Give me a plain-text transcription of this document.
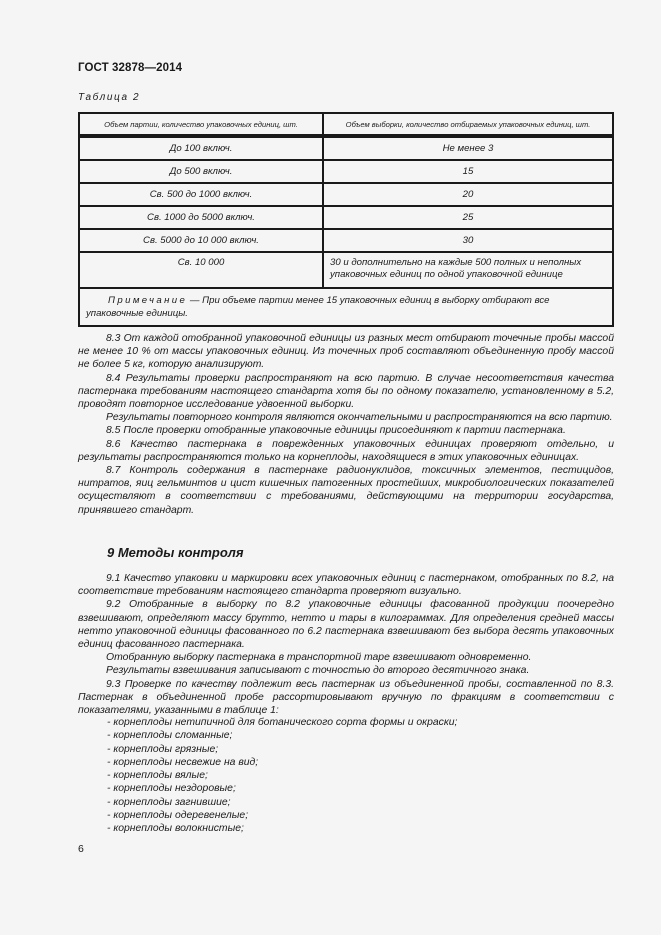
ГОСТ 32878—2014
Таблица 2
Объем партии, количество упаковочных единиц, шт.	Объем выборки, количество отбираемых упаковочных единиц, шт.
До 100 включ.	Не менее 3
До 500 включ.	15
Св. 500 до 1000 включ.	20
Св. 1000 до 5000 включ.	25
Св. 5000 до 10 000 включ.	30
Св. 10 000	30 и дополнительно на каждые 500 полных и неполных упаковочных единиц по одной упаковочной единице
Примечание — При объеме партии менее 15 упаковочных единиц в выборку отбирают все упаковочные единицы.	

8.3 От каждой отобранной упаковочной единицы из разных мест отбирают точечные пробы массой не менее 10 % от массы упаковочных единиц. Из точечных проб составляют объединенную пробу массой не более 5 кг, которую анализируют.

8.4 Результаты проверки распространяют на всю партию. В случае несоответствия качества пастернака требованиям настоящего стандарта хотя бы по одному показателю, установленному в 5.2, проводят повторное исследование удвоенной выборки.

Результаты повторного контроля являются окончательными и распространяются на всю партию.

8.5 После проверки отобранные упаковочные единицы присоединяют к партии пастернака.

8.6 Качество пастернака в поврежденных упаковочных единицах проверяют отдельно, и результаты распространяются только на корнеплоды, находящиеся в этих упаковочных единицах.

8.7 Контроль содержания в пастернаке радионуклидов, токсичных элементов, пестицидов, нитратов, яиц гельминтов и цист кишечных патогенных простейших, микробиологических показателей осуществляют в соответствии с требованиями, действующими на территории государства, принявшего стандарт.

9 Методы контроля

9.1 Качество упаковки и маркировки всех упаковочных единиц с пастернаком, отобранных по 8.2, на соответствие требованиям настоящего стандарта проверяют визуально.

9.2 Отобранные в выборку по 8.2 упаковочные единицы фасованной продукции поочередно взвешивают, определяют массу брутто, нетто и тары в килограммах. Для определения средней массы нетто упаковочной единицы фасованного по 6.2 пастернака взвешивают без выбора десять упаковочных единиц фасованного пастернака.

Отобранную выборку пастернака в транспортной таре взвешивают одновременно.

Результаты взвешивания записывают с точностью до второго десятичного знака.

9.3 Проверке по качеству подлежит весь пастернак из объединенной пробы, составленной по 8.3. Пастернак в объединенной пробе рассортировывают вручную по фракциям в соответствии с показателями, указанными в таблице 1:

- корнеплоды нетипичной для ботанического сорта формы и окраски;
- корнеплоды сломанные;
- корнеплоды грязные;
- корнеплоды несвежие на вид;
- корнеплоды вялые;
- корнеплоды нездоровые;
- корнеплоды загнившие;
- корнеплоды одеревенелые;
- корнеплоды волокнистые;
6
